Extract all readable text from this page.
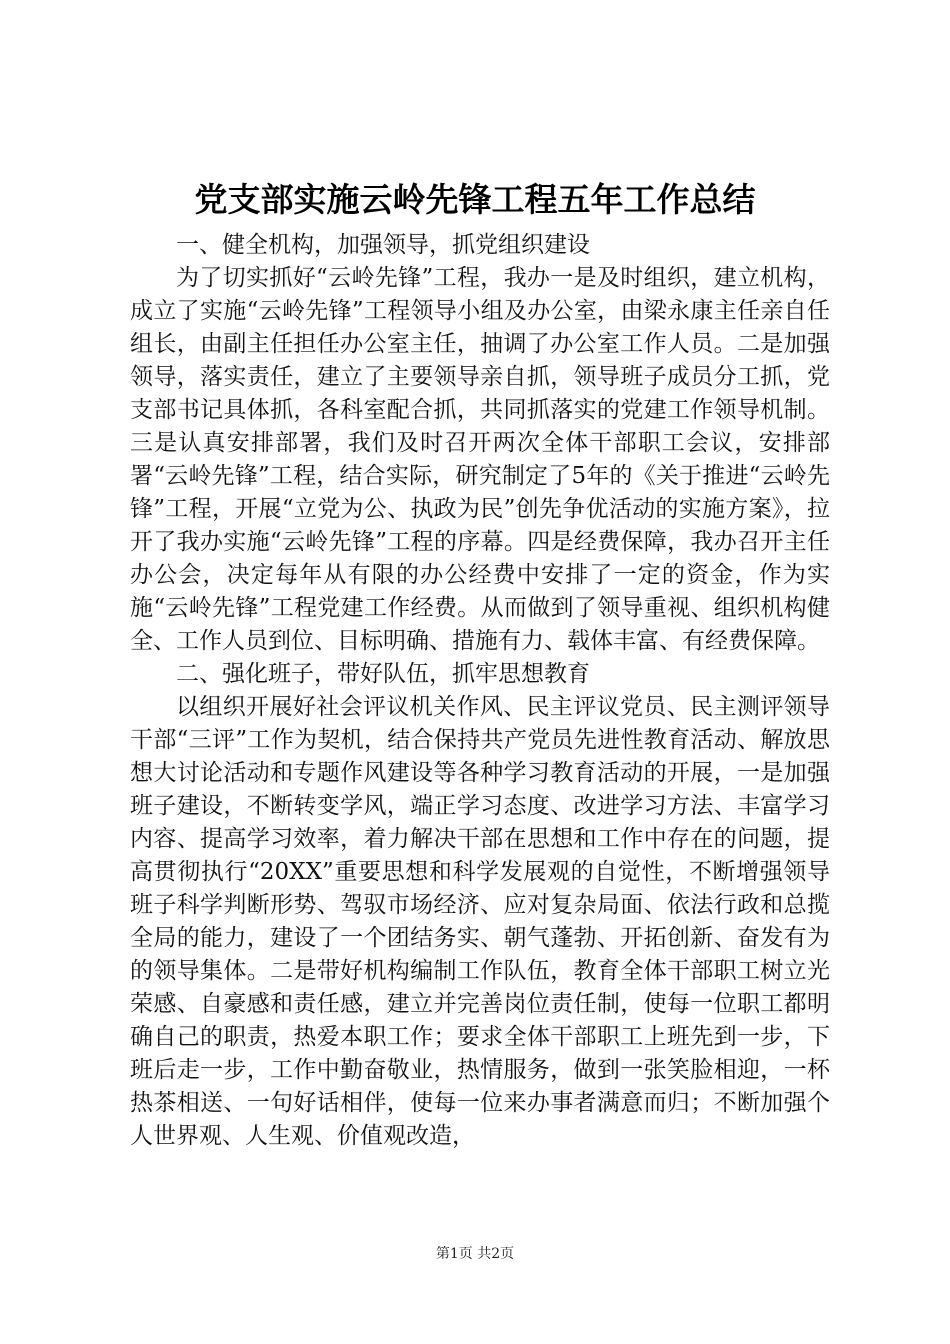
党支部实施云岭先锋工程五年工作总结

一、健全机构，加强领导，抓党组织建设

为了切实抓好“云岭先锋”工程，我办一是及时组织，建立机构，成立了实施“云岭先锋”工程领导小组及办公室，由梁永康主任亲自任组长，由副主任担任办公室主任，抽调了办公室工作人员。二是加强领导，落实责任，建立了主要领导亲自抓，领导班子成员分工抓，党支部书记具体抓，各科室配合抓，共同抓落实的党建工作领导机制。三是认真安排部署，我们及时召开两次全体干部职工会议，安排部署“云岭先锋”工程，结合实际，研究制定了5年的《关于推进“云岭先锋”工程，开展“立党为公、执政为民”创先争优活动的实施方案》，拉开了我办实施“云岭先锋”工程的序幕。四是经费保障，我办召开主任办公会，决定每年从有限的办公经费中安排了一定的资金，作为实施“云岭先锋”工程党建工作经费。从而做到了领导重视、组织机构健全、工作人员到位、目标明确、措施有力、载体丰富、有经费保障。

二、强化班子，带好队伍，抓牢思想教育

以组织开展好社会评议机关作风、民主评议党员、民主测评领导干部“三评”工作为契机，结合保持共产党员先进性教育活动、解放思想大讨论活动和专题作风建设等各种学习教育活动的开展，一是加强班子建设，不断转变学风，端正学习态度、改进学习方法、丰富学习内容、提高学习效率，着力解决干部在思想和工作中存在的问题，提高贯彻执行“20XX”重要思想和科学发展观的自觉性，不断增强领导班子科学判断形势、驾驭市场经济、应对复杂局面、依法行政和总揽全局的能力，建设了一个团结务实、朝气蓬勃、开拓创新、奋发有为的领导集体。二是带好机构编制工作队伍，教育全体干部职工树立光荣感、自豪感和责任感，建立并完善岗位责任制，使每一位职工都明确自己的职责，热爱本职工作；要求全体干部职工上班先到一步，下班后走一步，工作中勤奋敬业，热情服务，做到一张笑脸相迎，一杯热茶相送、一句好话相伴，使每一位来办事者满意而归；不断加强个人世界观、人生观、价值观改造，

第1页 共2页
